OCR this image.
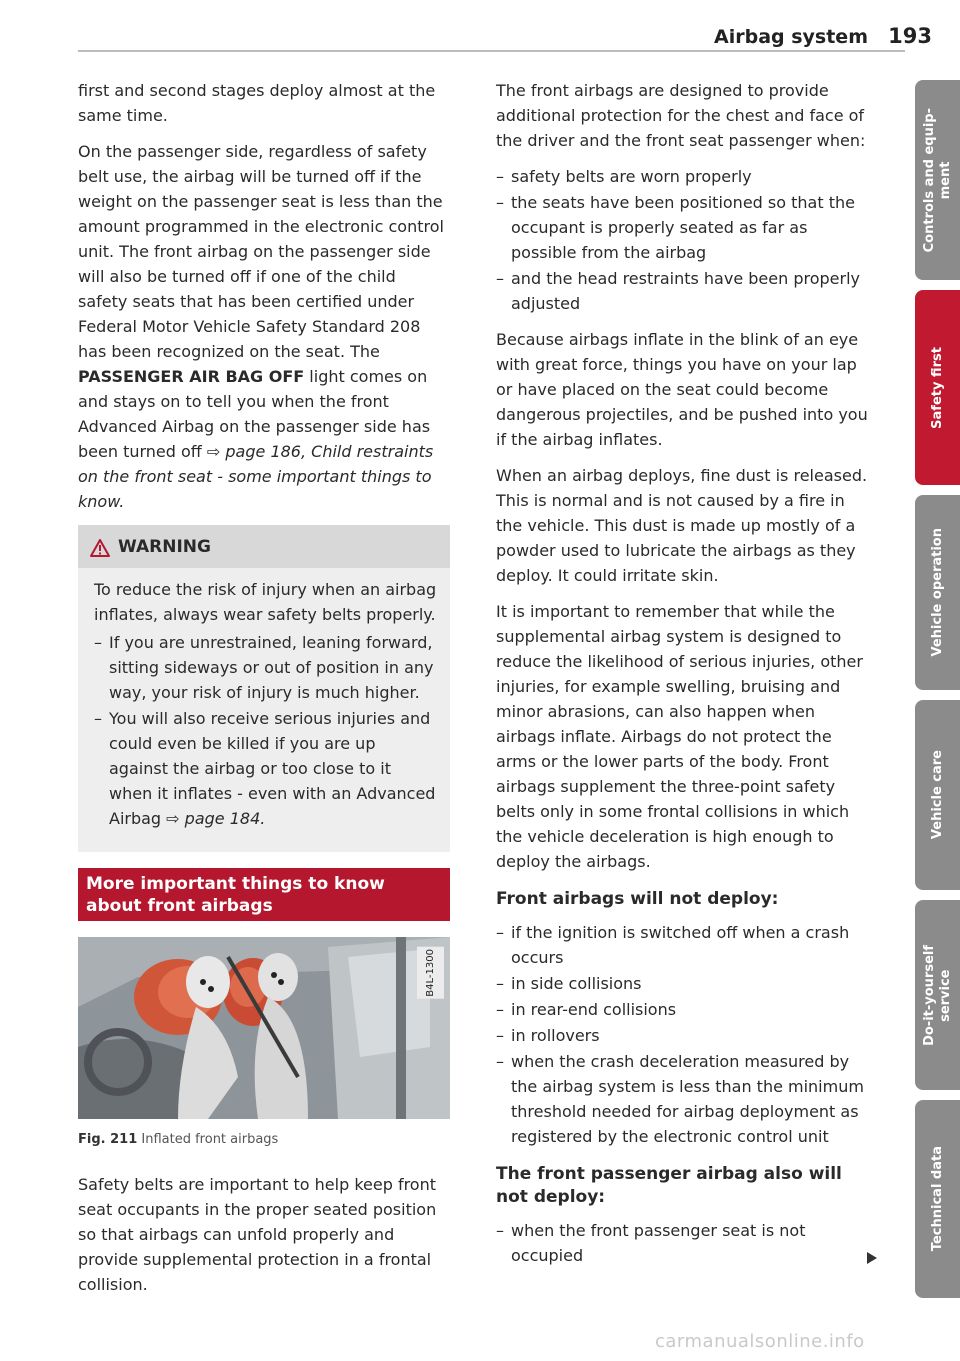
Airbag system 193

first and second stages deploy almost at the same time.

On the passenger side, regardless of safety belt use, the airbag will be turned off if the weight on the passenger seat is less than the amount programmed in the electronic control unit. The front airbag on the passenger side will also be turned off if one of the child safety seats that has been certified under Federal Motor Vehicle Safety Standard 208 has been recognized on the seat. The PASSENGER AIR BAG OFF light comes on and stays on to tell you when the front Advanced Airbag on the passenger side has been turned off ⇨ page 186, Child restraints on the front seat - some important things to know.

WARNING

To reduce the risk of injury when an airbag inflates, always wear safety belts properly.

– If you are unrestrained, leaning forward, sitting sideways or out of position in any way, your risk of injury is much higher.
– You will also receive serious injuries and could even be killed if you are up against the airbag or too close to it when it inflates - even with an Advanced Airbag ⇨ page 184.
More important things to know about front airbags
B4L-1300
Fig. 211 Inflated front airbags

Safety belts are important to help keep front seat occupants in the proper seated position so that airbags can unfold properly and provide supplemental protection in a frontal collision.

The front airbags are designed to provide additional protection for the chest and face of the driver and the front seat passenger when:

– safety belts are worn properly
– the seats have been positioned so that the occupant is properly seated as far as possible from the airbag
– and the head restraints have been properly adjusted

Because airbags inflate in the blink of an eye with great force, things you have on your lap or have placed on the seat could become dangerous projectiles, and be pushed into you if the airbag inflates.

When an airbag deploys, fine dust is released. This is normal and is not caused by a fire in the vehicle. This dust is made up mostly of a powder used to lubricate the airbags as they deploy. It could irritate skin.

It is important to remember that while the supplemental airbag system is designed to reduce the likelihood of serious injuries, other injuries, for example swelling, bruising and minor abrasions, can also happen when airbags inflate. Airbags do not protect the arms or the lower parts of the body. Front airbags supplement the three-point safety belts only in some frontal collisions in which the vehicle deceleration is high enough to deploy the airbags.

Front airbags will not deploy:
– if the ignition is switched off when a crash occurs
– in side collisions
– in rear-end collisions
– in rollovers
– when the crash deceleration measured by the airbag system is less than the minimum threshold needed for airbag deployment as registered by the electronic control unit
The front passenger airbag also will not deploy:
– when the front passenger seat is not occupied
Controls and equip-
ment
Safety first
Vehicle operation
Vehicle care
Do-it-yourself
service
Technical data
carmanualsonline.info
